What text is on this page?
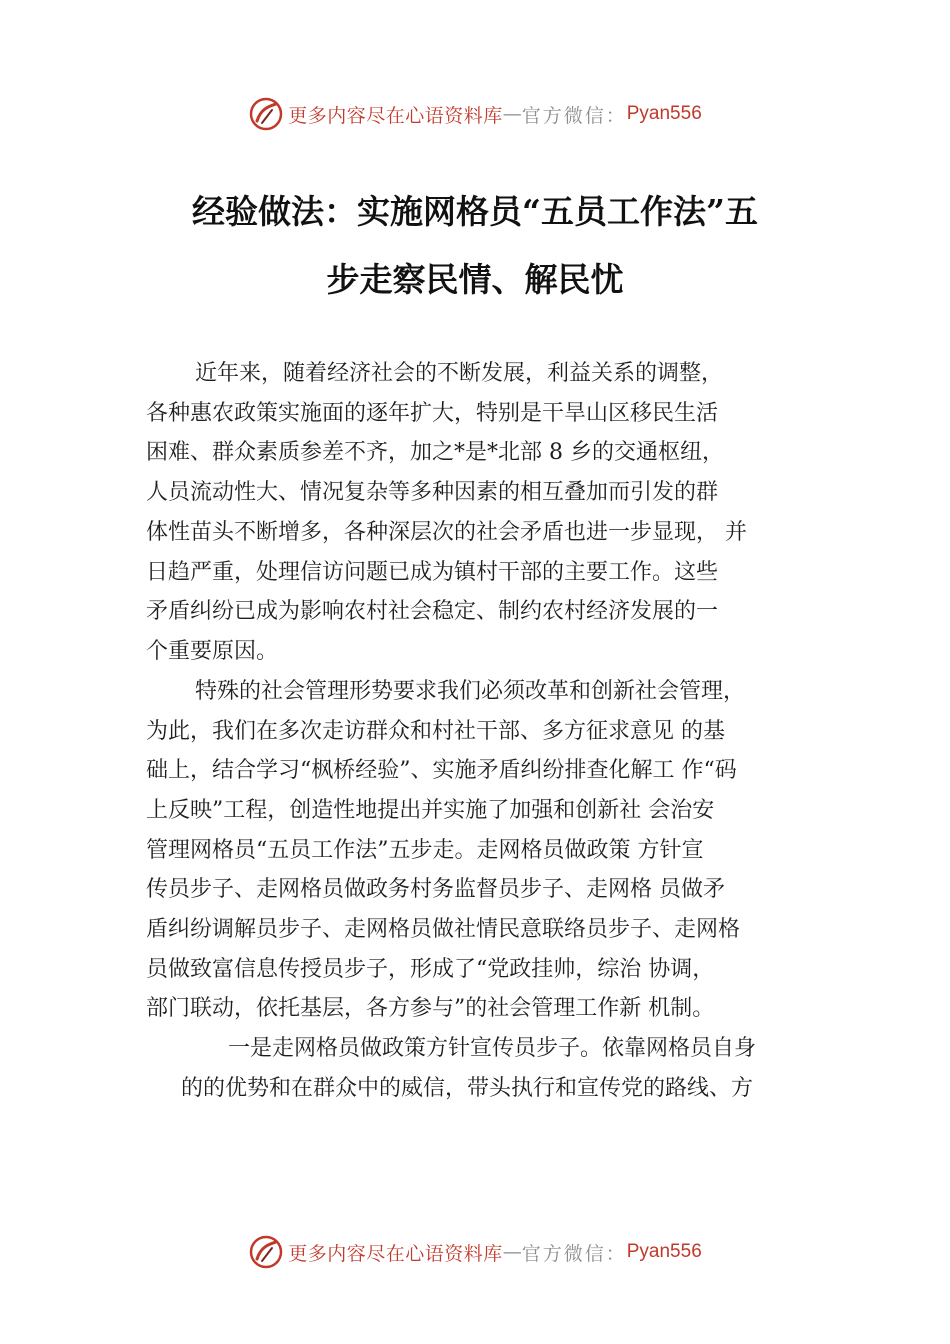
更多内容尽在心语资料库 — 官方微信： Pyan556
经验做法：实施网格员“五员工作法”五
步走察民情、解民忧
近年来，随着经济社会的不断发展，利益关系的调整，
各种惠农政策实施面的逐年扩大，特别是干旱山区移民生活
困难、群众素质参差不齐，加之*是*北部 8 乡的交通枢纽，
人员流动性大、情况复杂等多种因素的相互叠加而引发的群
体性苗头不断增多，各种深层次的社会矛盾也进一步显现， 并
日趋严重，处理信访问题已成为镇村干部的主要工作。这些
矛盾纠纷已成为影响农村社会稳定、制约农村经济发展的一
个重要原因。
特殊的社会管理形势要求我们必须改革和创新社会管理，
为此，我们在多次走访群众和村社干部、多方征求意见 的基
础上，结合学习“枫桥经验”、实施矛盾纠纷排查化解工 作“码
上反映”工程，创造性地提出并实施了加强和创新社 会治安
管理网格员“五员工作法”五步走。走网格员做政策 方针宣
传员步子、走网格员做政务村务监督员步子、走网格 员做矛
盾纠纷调解员步子、走网格员做社情民意联络员步子、走网格
员做致富信息传授员步子，形成了“党政挂帅，综治 协调，
部门联动，依托基层，各方参与”的社会管理工作新 机制。
一是走网格员做政策方针宣传员步子。依靠网格员自身
的的优势和在群众中的威信，带头执行和宣传党的路线、方
更多内容尽在心语资料库 — 官方微信： Pyan556
